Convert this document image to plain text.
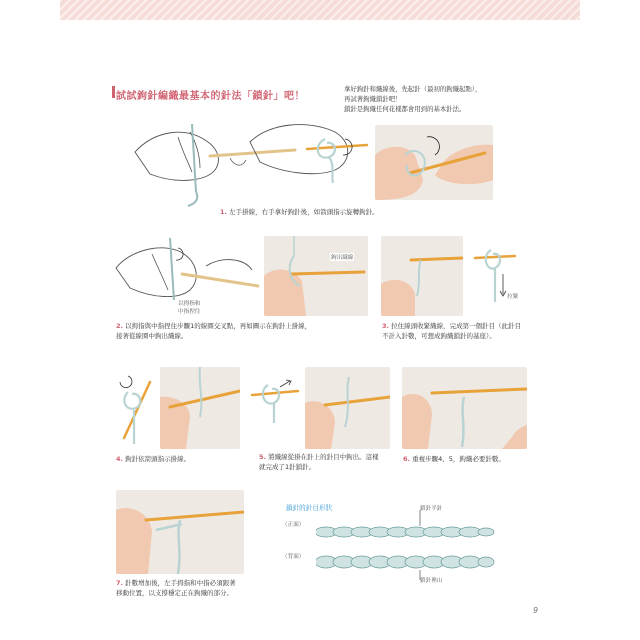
試試鉤針編織最基本的針法「鎖針」吧！
拿好鉤針和織線後，先起針（最初的鉤織起點），
再試著鉤織鎖針吧！
鎖針是鉤織任何花樣都會用到的基本針法。
1. 左手掛線，右手拿好鉤針後，如箭頭指示旋轉鉤針。
以拇指和
中指捏住
鉤出織線
拉緊
2. 以拇指與中指捏住步驟1的線圈交叉點，再如圖示在鉤針上掛線，
接著從線圈中鉤出織線。
3. 拉住線頭收緊織線，完成第一個針目（此針目
不計入針數，可想成鉤織鎖針的基座）。
4. 鉤針依箭頭指示掛線。	5. 將織線從掛在針上的針目中鉤出。這樣
就完成了1針鎖針。
6. 重複步驟4、5，鉤織必要針數。
7. 針數增加後，左手拇指和中指必須跟著
移動位置，以支撐穩定正在鉤織的部分。
鎖針的針目形狀
（正面）
（背面）
鎖針半針
鎖針裡山
9
